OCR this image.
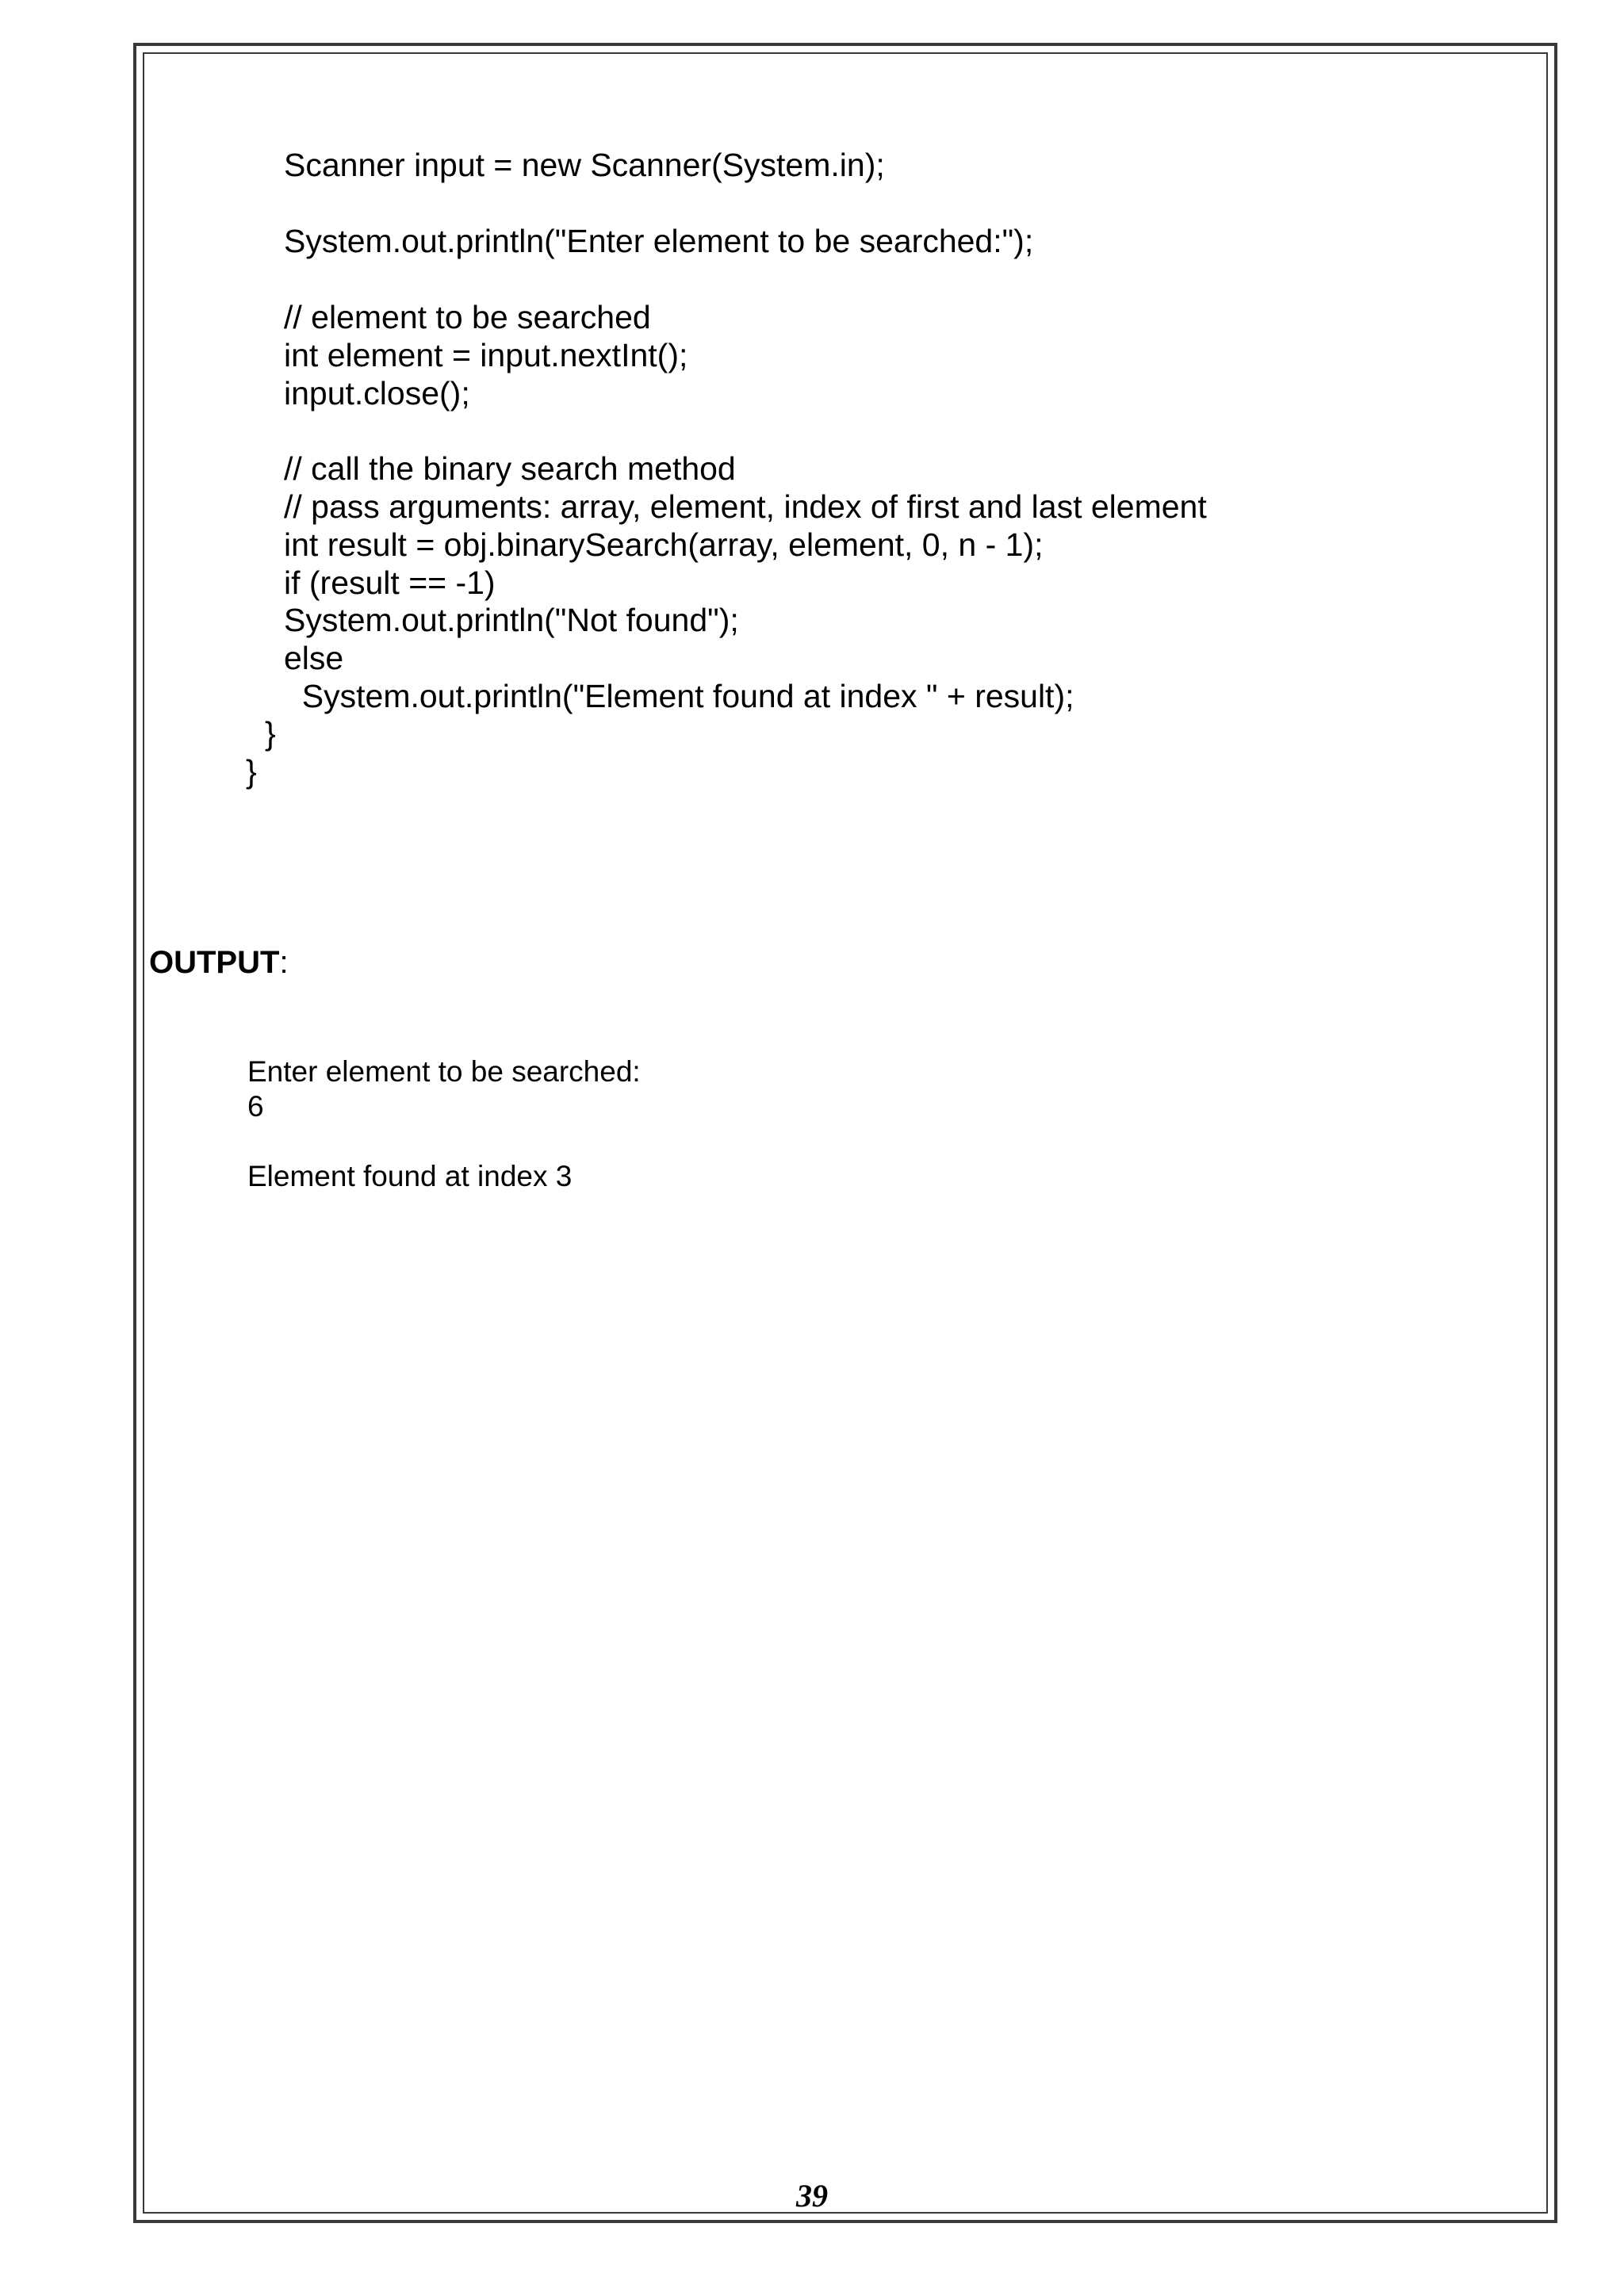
Scanner input = new Scanner(System.in);
System.out.println("Enter element to be searched:");
// element to be searched
int element = input.nextInt();
input.close();
// call the binary search method
// pass arguments: array, element, index of first and last element
int result = obj.binarySearch(array, element, 0, n - 1);
if (result == -1)
System.out.println("Not found");
else
System.out.println("Element found at index " + result);
}
}
OUTPUT:
Enter element to be searched:
6
Element found at index 3
39
